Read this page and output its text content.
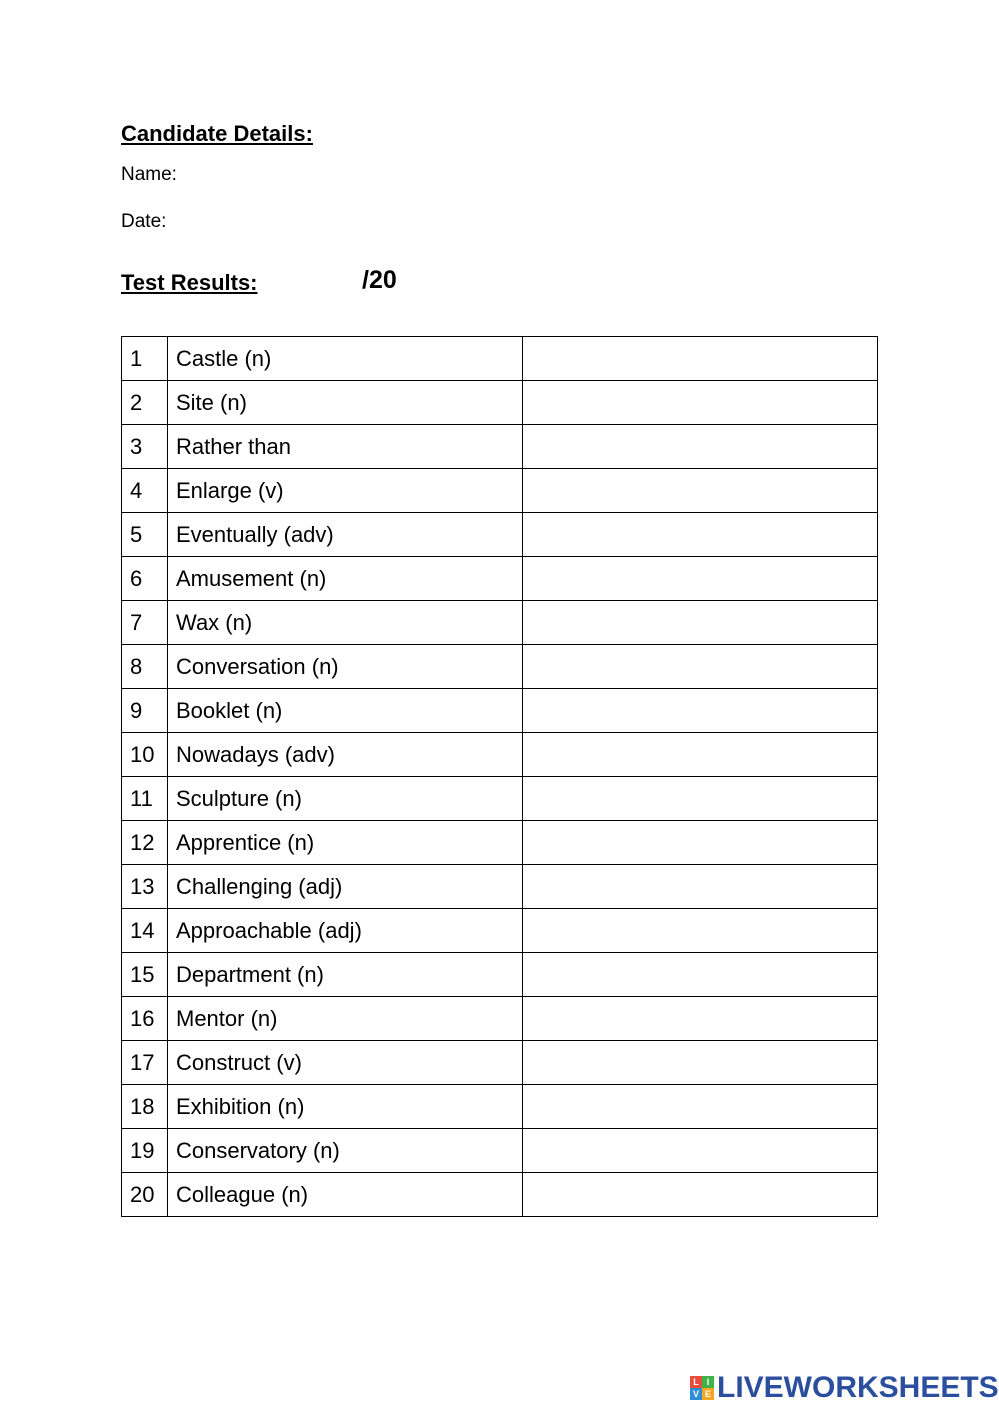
Candidate Details:

Name:

Date:

Test Results:	/20

1	Castle (n)	
2	Site (n)	
3	Rather than	
4	Enlarge (v)	
5	Eventually (adv)	
6	Amusement (n)	
7	Wax (n)	
8	Conversation (n)	
9	Booklet (n)	
10	Nowadays (adv)	
11	Sculpture (n)	
12	Apprentice (n)	
13	Challenging (adj)	
14	Approachable (adj)	
15	Department (n)	
16	Mentor (n)	
17	Construct (v)	
18	Exhibition (n)	
19	Conservatory (n)	
20	Colleague (n)	
L I
V E LIVEWORKSHEETS
